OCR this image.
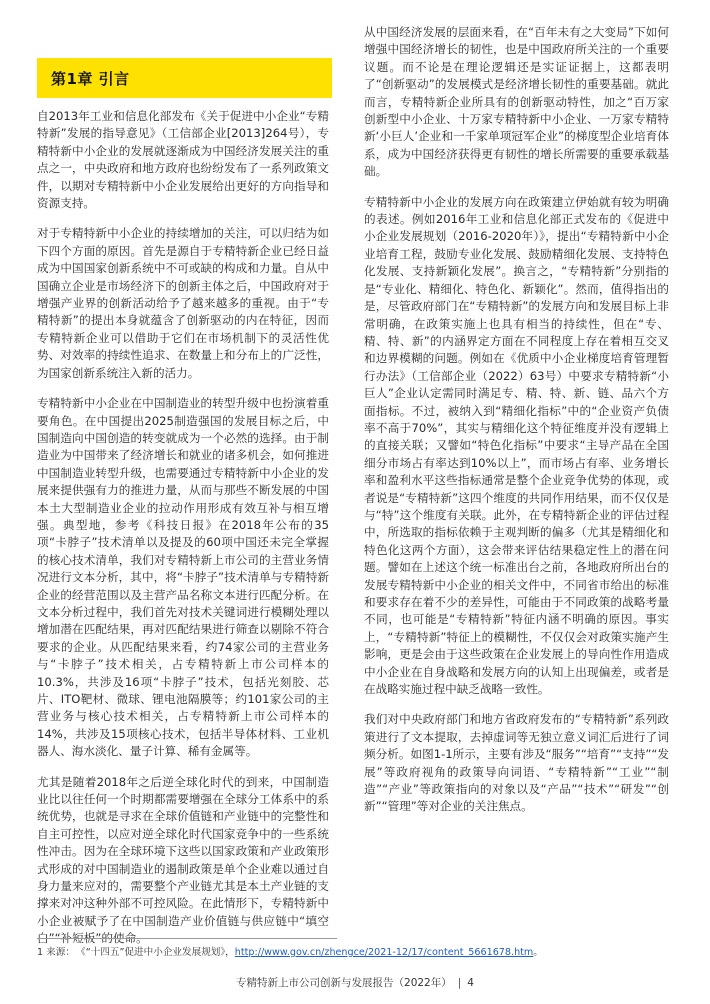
第1章 引言

自2013年工业和信息化部发布《关于促进中小企业“专精特新”发展的指导意见》（工信部企业[2013]264号），专精特新中小企业的发展就逐渐成为中国经济发展关注的重点之一，中央政府和地方政府也纷纷发布了一系列政策文件，以期对专精特新中小企业发展给出更好的方向指导和资源支持。

对于专精特新中小企业的持续增加的关注，可以归结为如下四个方面的原因。首先是源自于专精特新企业已经日益成为中国国家创新系统中不可或缺的构成和力量。自从中国确立企业是市场经济下的创新主体之后，中国政府对于增强产业界的创新活动给予了越来越多的重视。由于“专精特新”的提出本身就蕴含了创新驱动的内在特征，因而专精特新企业可以借助于它们在市场机制下的灵活性优势、对效率的持续性追求、在数量上和分布上的广泛性，为国家创新系统注入新的活力。

专精特新中小企业在中国制造业的转型升级中也扮演着重要角色。在中国提出2025制造强国的发展目标之后，中国制造向中国创造的转变就成为一个必然的选择。由于制造业为中国带来了经济增长和就业的诸多机会，如何推进中国制造业转型升级，也需要通过专精特新中小企业的发展来提供强有力的推进力量，从而与那些不断发展的中国本土大型制造业企业的拉动作用形成有效互补与相互增强。典型地，参考《科技日报》在2018年公布的35项“卡脖子”技术清单以及提及的60项中国还未完全掌握的核心技术清单，我们对专精特新上市公司的主营业务情况进行文本分析，其中，将“卡脖子”技术清单与专精特新企业的经营范围以及主营产品名称文本进行匹配分析。在文本分析过程中，我们首先对技术关键词进行模糊处理以增加潜在匹配结果，再对匹配结果进行筛查以剔除不符合要求的企业。从匹配结果来看，约74家公司的主营业务与“卡脖子”技术相关，占专精特新上市公司样本的10.3%，共涉及16项“卡脖子”技术，包括光刻胶、芯片、ITO靶材、微球、锂电池隔膜等；约101家公司的主营业务与核心技术相关，占专精特新上市公司样本的14%，共涉及15项核心技术，包括半导体材料、工业机器人、海水淡化、量子计算、稀有金属等。

尤其是随着2018年之后逆全球化时代的到来，中国制造业比以往任何一个时期都需要增强在全球分工体系中的系统优势，也就是寻求在全球价值链和产业链中的完整性和自主可控性，以应对逆全球化时代国家竞争中的一些系统性冲击。因为在全球环境下这些以国家政策和产业政策形式形成的对中国制造业的遏制政策是单个企业难以通过自身力量来应对的，需要整个产业链尤其是本土产业链的支撑来对冲这种外部不可控风险。在此情形下，专精特新中小企业被赋予了在中国制造产业价值链与供应链中“填空白”“补短板”的使命。

从中国经济发展的层面来看，在“百年未有之大变局”下如何增强中国经济增长的韧性，也是中国政府所关注的一个重要议题。而不论是在理论逻辑还是实证证据上，这都表明了“创新驱动”的发展模式是经济增长韧性的重要基础。就此而言，专精特新企业所具有的创新驱动特性，加之“百万家创新型中小企业、十万家专精特新中小企业、一万家专精特新‘小巨人’企业和一千家单项冠军企业”的梯度型企业培育体系，成为中国经济获得更有韧性的增长所需要的重要承载基础。

专精特新中小企业的发展方向在政策建立伊始就有较为明确的表述。例如2016年工业和信息化部正式发布的《促进中小企业发展规划（2016-2020年）》，提出“专精特新中小企业培育工程，鼓励专业化发展、鼓励精细化发展、支持特色化发展、支持新颖化发展”。换言之，“专精特新”分别指的是“专业化、精细化、特色化、新颖化”。然而，值得指出的是，尽管政府部门在“专精特新”的发展方向和发展目标上非常明确，在政策实施上也具有相当的持续性，但在“专、精、特、新”的内涵界定方面在不同程度上存在着相互交叉和边界模糊的问题。例如在《优质中小企业梯度培育管理暂行办法》（工信部企业（2022）63号）中要求专精特新“小巨人”企业认定需同时满足专、精、特、新、链、品六个方面指标。不过，被纳入到“精细化指标”中的“企业资产负债率不高于70%”，其实与精细化这个特征维度并没有逻辑上的直接关联；又譬如“特色化指标”中要求“主导产品在全国细分市场占有率达到10%以上”，而市场占有率、业务增长率和盈利水平这些指标通常是整个企业竞争优势的体现，或者说是“专精特新”这四个维度的共同作用结果，而不仅仅是与“特”这个维度有关联。此外，在专精特新企业的评估过程中，所选取的指标依赖于主观判断的偏多（尤其是精细化和特色化这两个方面），这会带来评估结果稳定性上的潜在问题。譬如在上述这个统一标准出台之前，各地政府所出台的发展专精特新中小企业的相关文件中，不同省市给出的标准和要求存在着不少的差异性，可能由于不同政策的战略考量不同，也可能是“专精特新”特征内涵不明确的原因。事实上，“专精特新”特征上的模糊性，不仅仅会对政策实施产生影响，更是会由于这些政策在企业发展上的导向性作用造成中小企业在自身战略和发展方向的认知上出现偏差，或者是在战略实施过程中缺乏战略一致性。

我们对中央政府部门和地方省政府发布的“专精特新”系列政策进行了文本提取，去掉虚词等无独立意义词汇后进行了词频分析。如图1-1所示，主要有涉及“服务”“培育”“支持”“发展”等政府视角的政策导向词语、“专精特新”“工业”“制造”“产业”等政策指向的对象以及“产品”“技术”“研发”“创新”“管理”等对企业的关注焦点。

1 来源： 《“十四五”促进中小企业发展规划》，http://www.gov.cn/zhengce/2021-12/17/content_5661678.htm。
专精特新上市公司创新与发展报告（2022年） | 4
